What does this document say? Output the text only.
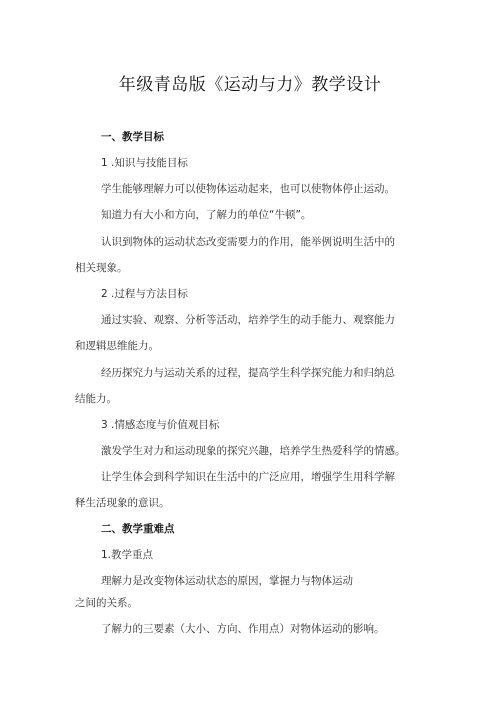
年级青岛版《运动与力》教学设计
一、教学目标
1 .知识与技能目标
学生能够理解力可以使物体运动起来，也可以使物体停止运动。
知道力有大小和方向，了解力的单位“牛顿”。
认识到物体的运动状态改变需要力的作用，能举例说明生活中的
相关现象。
2 .过程与方法目标
通过实验、观察、分析等活动，培养学生的动手能力、观察能力
和逻辑思维能力。
经历探究力与运动关系的过程，提高学生科学探究能力和归纳总
结能力。
3 .情感态度与价值观目标
激发学生对力和运动现象的探究兴趣，培养学生热爱科学的情感。
让学生体会到科学知识在生活中的广泛应用，增强学生用科学解
释生活现象的意识。
二、教学重难点
1.教学重点
理解力是改变物体运动状态的原因，掌握力与物体运动
之间的关系。
了解力的三要素（大小、方向、作用点）对物体运动的影响。
